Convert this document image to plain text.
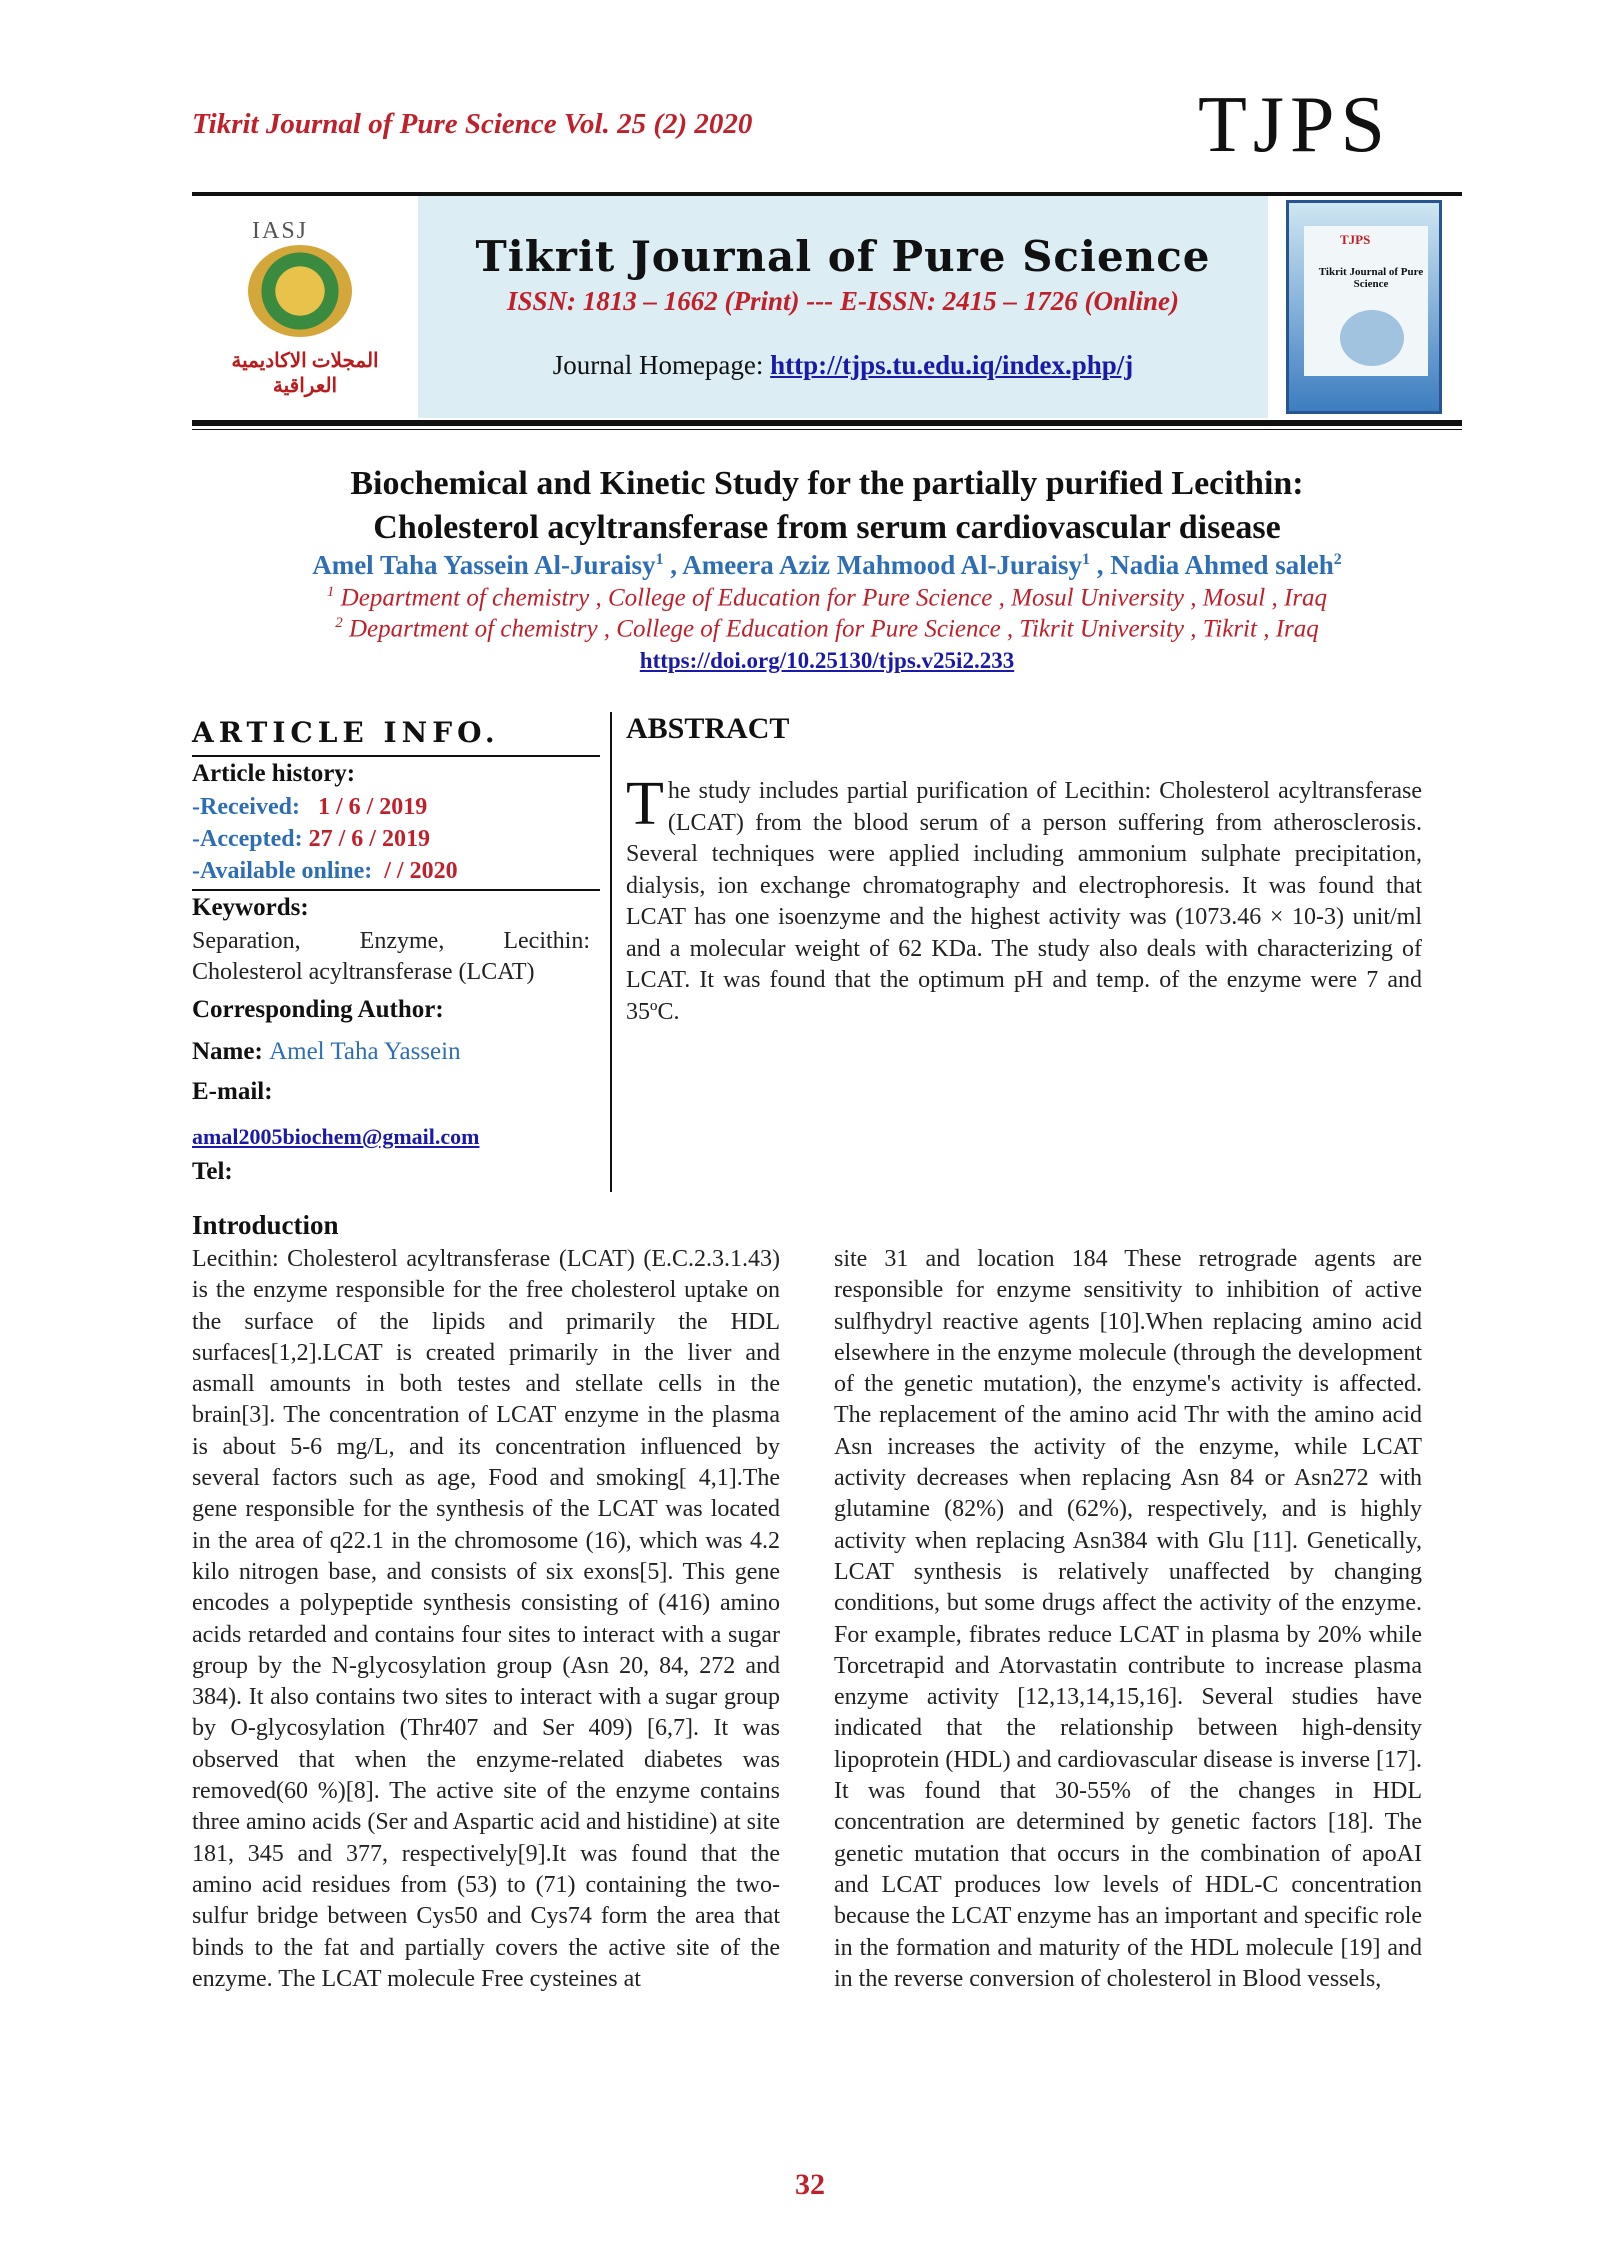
Tikrit Journal of Pure Science Vol. 25 (2) 2020	TJPS
IASJ
المجلات الاكاديمية العراقية
Tikrit Journal of Pure Science
ISSN: 1813 – 1662 (Print) --- E-ISSN: 2415 – 1726 (Online)
Journal Homepage: http://tjps.tu.edu.iq/index.php/j
TJPS
Tikrit Journal of Pure Science
Biochemical and Kinetic Study for the partially purified Lecithin:
Cholesterol acyltransferase from serum cardiovascular disease
Amel Taha Yassein Al-Juraisy$^1$ , Ameera Aziz Mahmood Al-Juraisy$^1$ , Nadia Ahmed saleh$^2$
$^1$ Department of chemistry , College of Education for Pure Science , Mosul University , Mosul , Iraq
$^2$ Department of chemistry , College of Education for Pure Science , Tikrit University , Tikrit , Iraq
https://doi.org/10.25130/tjps.v25i2.233
ARTICLE INFO.
Article history:
-Received: 1 / 6 / 2019
-Accepted: 27 / 6 / 2019
-Available online: / / 2020
Keywords:
Separation, Enzyme, Lecithin: Cholesterol acyltransferase (LCAT)
Corresponding Author:
Name: Amel Taha Yassein
E-mail:
amal2005biochem@gmail.com
Tel:
ABSTRACT
The study includes partial purification of Lecithin: Cholesterol acyltransferase (LCAT) from the blood serum of a person suffering from atherosclerosis. Several techniques were applied including ammonium sulphate precipitation, dialysis, ion exchange chromatography and electrophoresis. It was found that LCAT has one isoenzyme and the highest activity was (1073.46 × 10-3) unit/ml and a molecular weight of 62 KDa. The study also deals with characterizing of LCAT. It was found that the optimum pH and temp. of the enzyme were 7 and 35ºC.
Introduction
Lecithin: Cholesterol acyltransferase (LCAT) (E.C.2.3.1.43) is the enzyme responsible for the free cholesterol uptake on the surface of the lipids and primarily the HDL surfaces[1,2].LCAT is created primarily in the liver and asmall amounts in both testes and stellate cells in the brain[3]. The concentration of LCAT enzyme in the plasma is about 5-6 mg/L, and its concentration influenced by several factors such as age, Food and smoking[ 4,1].The gene responsible for the synthesis of the LCAT was located in the area of q22.1 in the chromosome (16), which was 4.2 kilo nitrogen base, and consists of six exons[5]. This gene encodes a polypeptide synthesis consisting of (416) amino acids retarded and contains four sites to interact with a sugar group by the N-glycosylation group (Asn 20, 84, 272 and 384). It also contains two sites to interact with a sugar group by O-glycosylation (Thr407 and Ser 409) [6,7]. It was observed that when the enzyme-related diabetes was removed(60 %)[8]. The active site of the enzyme contains three amino acids (Ser and Aspartic acid and histidine) at site 181, 345 and 377, respectively[9].It was found that the amino acid residues from (53) to (71) containing the two-sulfur bridge between Cys50 and Cys74 form the area that binds to the fat and partially covers the active site of the enzyme. The LCAT molecule Free cysteines at
site 31 and location 184 These retrograde agents are responsible for enzyme sensitivity to inhibition of active sulfhydryl reactive agents [10].When replacing amino acid elsewhere in the enzyme molecule (through the development of the genetic mutation), the enzyme's activity is affected. The replacement of the amino acid Thr with the amino acid Asn increases the activity of the enzyme, while LCAT activity decreases when replacing Asn 84 or Asn272 with glutamine (82%) and (62%), respectively, and is highly activity when replacing Asn384 with Glu [11]. Genetically, LCAT synthesis is relatively unaffected by changing conditions, but some drugs affect the activity of the enzyme. For example, fibrates reduce LCAT in plasma by 20% while Torcetrapid and Atorvastatin contribute to increase plasma enzyme activity [12,13,14,15,16]. Several studies have indicated that the relationship between high-density lipoprotein (HDL) and cardiovascular disease is inverse [17]. It was found that 30-55% of the changes in HDL concentration are determined by genetic factors [18]. The genetic mutation that occurs in the combination of apoAI and LCAT produces low levels of HDL-C concentration because the LCAT enzyme has an important and specific role in the formation and maturity of the HDL molecule [19] and in the reverse conversion of cholesterol in Blood vessels,
32
